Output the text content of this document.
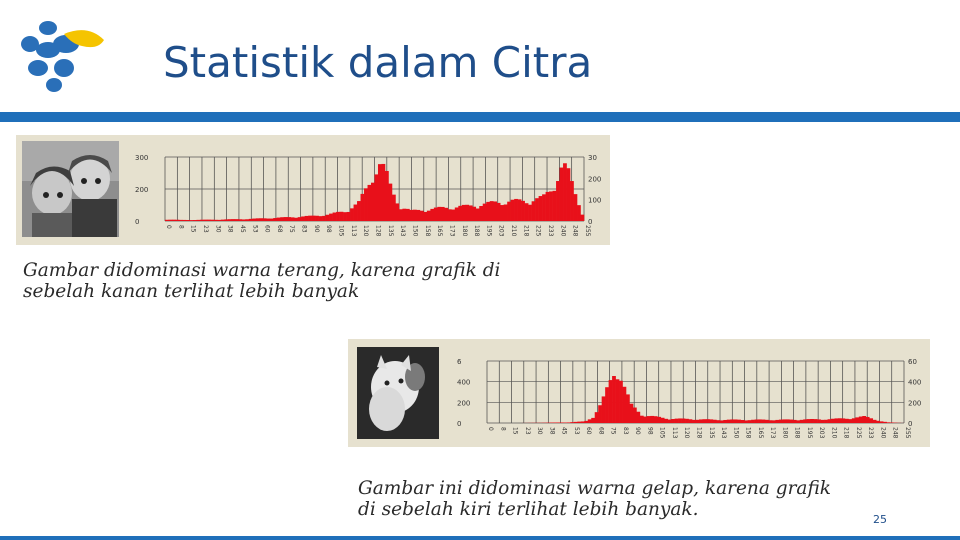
Statistik dalam Citra
0 8 15 23 30 38 45 53 60 68 75 83 90 98 105 113 120 128 135 143 150 158 165 173 180 188 195 203 210 218 225 233 240 248 255
0
200
300
0
100
200
30
Gambar didominasi warna terang, karena grafik di
sebelah kanan terlihat lebih banyak
0 8 15 23 30 38 45 53 60 68 75 83 90 98 105 113 120 128 135 143 150 158 165 173 180 188 195 203 210 218 225 233 240 248 255
0
200
400
6
0
200
400
60
Gambar ini didominasi warna gelap, karena grafik
di sebelah kiri terlihat lebih banyak.	25
